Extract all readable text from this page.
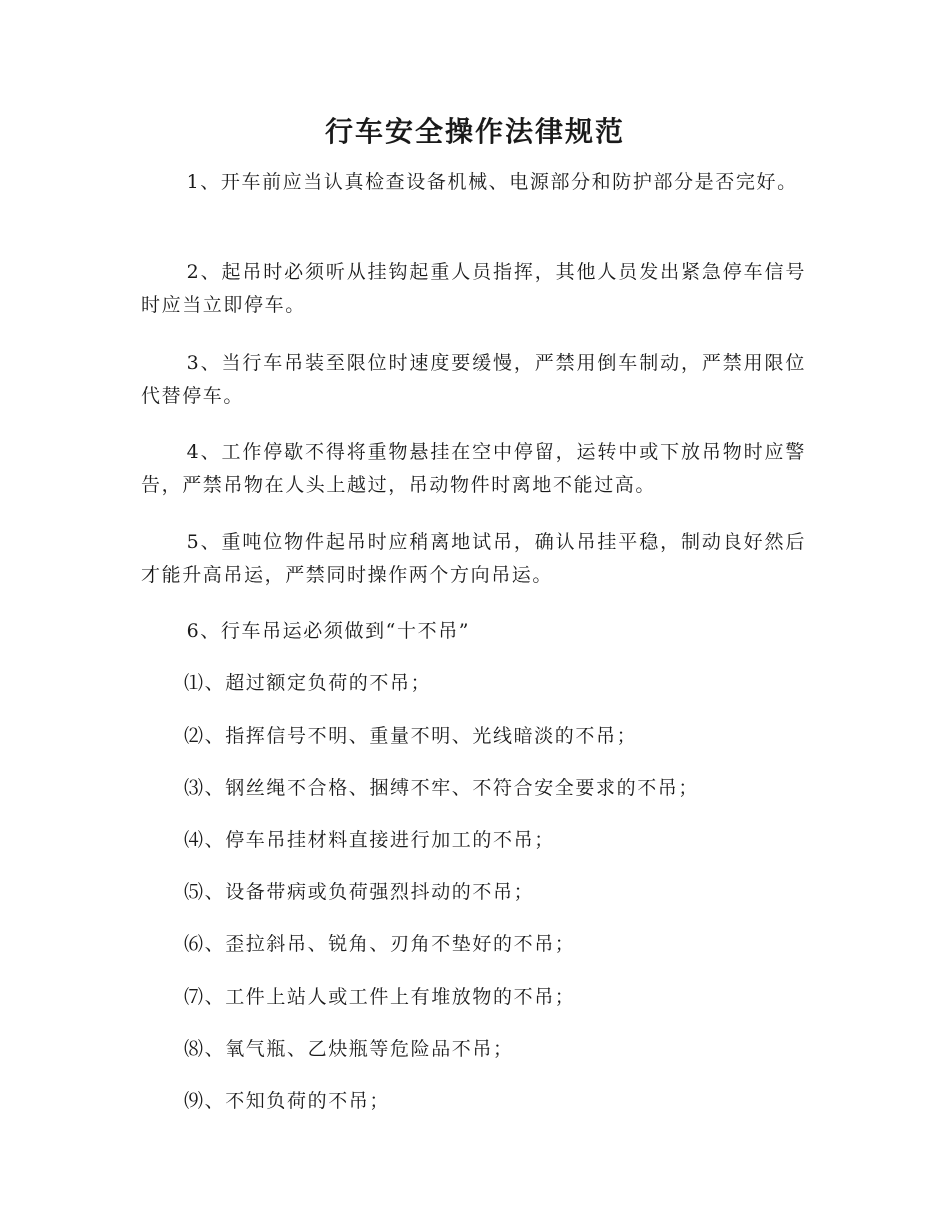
行车安全操作法律规范

1、开车前应当认真检查设备机械、电源部分和防护部分是否完好。

2、起吊时必须听从挂钩起重人员指挥，其他人员发出紧急停车信号时应当立即停车。

3、当行车吊装至限位时速度要缓慢，严禁用倒车制动，严禁用限位代替停车。

4、工作停歇不得将重物悬挂在空中停留，运转中或下放吊物时应警告，严禁吊物在人头上越过，吊动物件时离地不能过高。

5、重吨位物件起吊时应稍离地试吊，确认吊挂平稳，制动良好然后才能升高吊运，严禁同时操作两个方向吊运。

6、行车吊运必须做到“十不吊”

⑴、超过额定负荷的不吊；

⑵、指挥信号不明、重量不明、光线暗淡的不吊；

⑶、钢丝绳不合格、捆缚不牢、不符合安全要求的不吊；

⑷、停车吊挂材料直接进行加工的不吊；

⑸、设备带病或负荷强烈抖动的不吊；

⑹、歪拉斜吊、锐角、刃角不垫好的不吊；

⑺、工件上站人或工件上有堆放物的不吊；

⑻、氧气瓶、乙炔瓶等危险品不吊；

⑼、不知负荷的不吊；
